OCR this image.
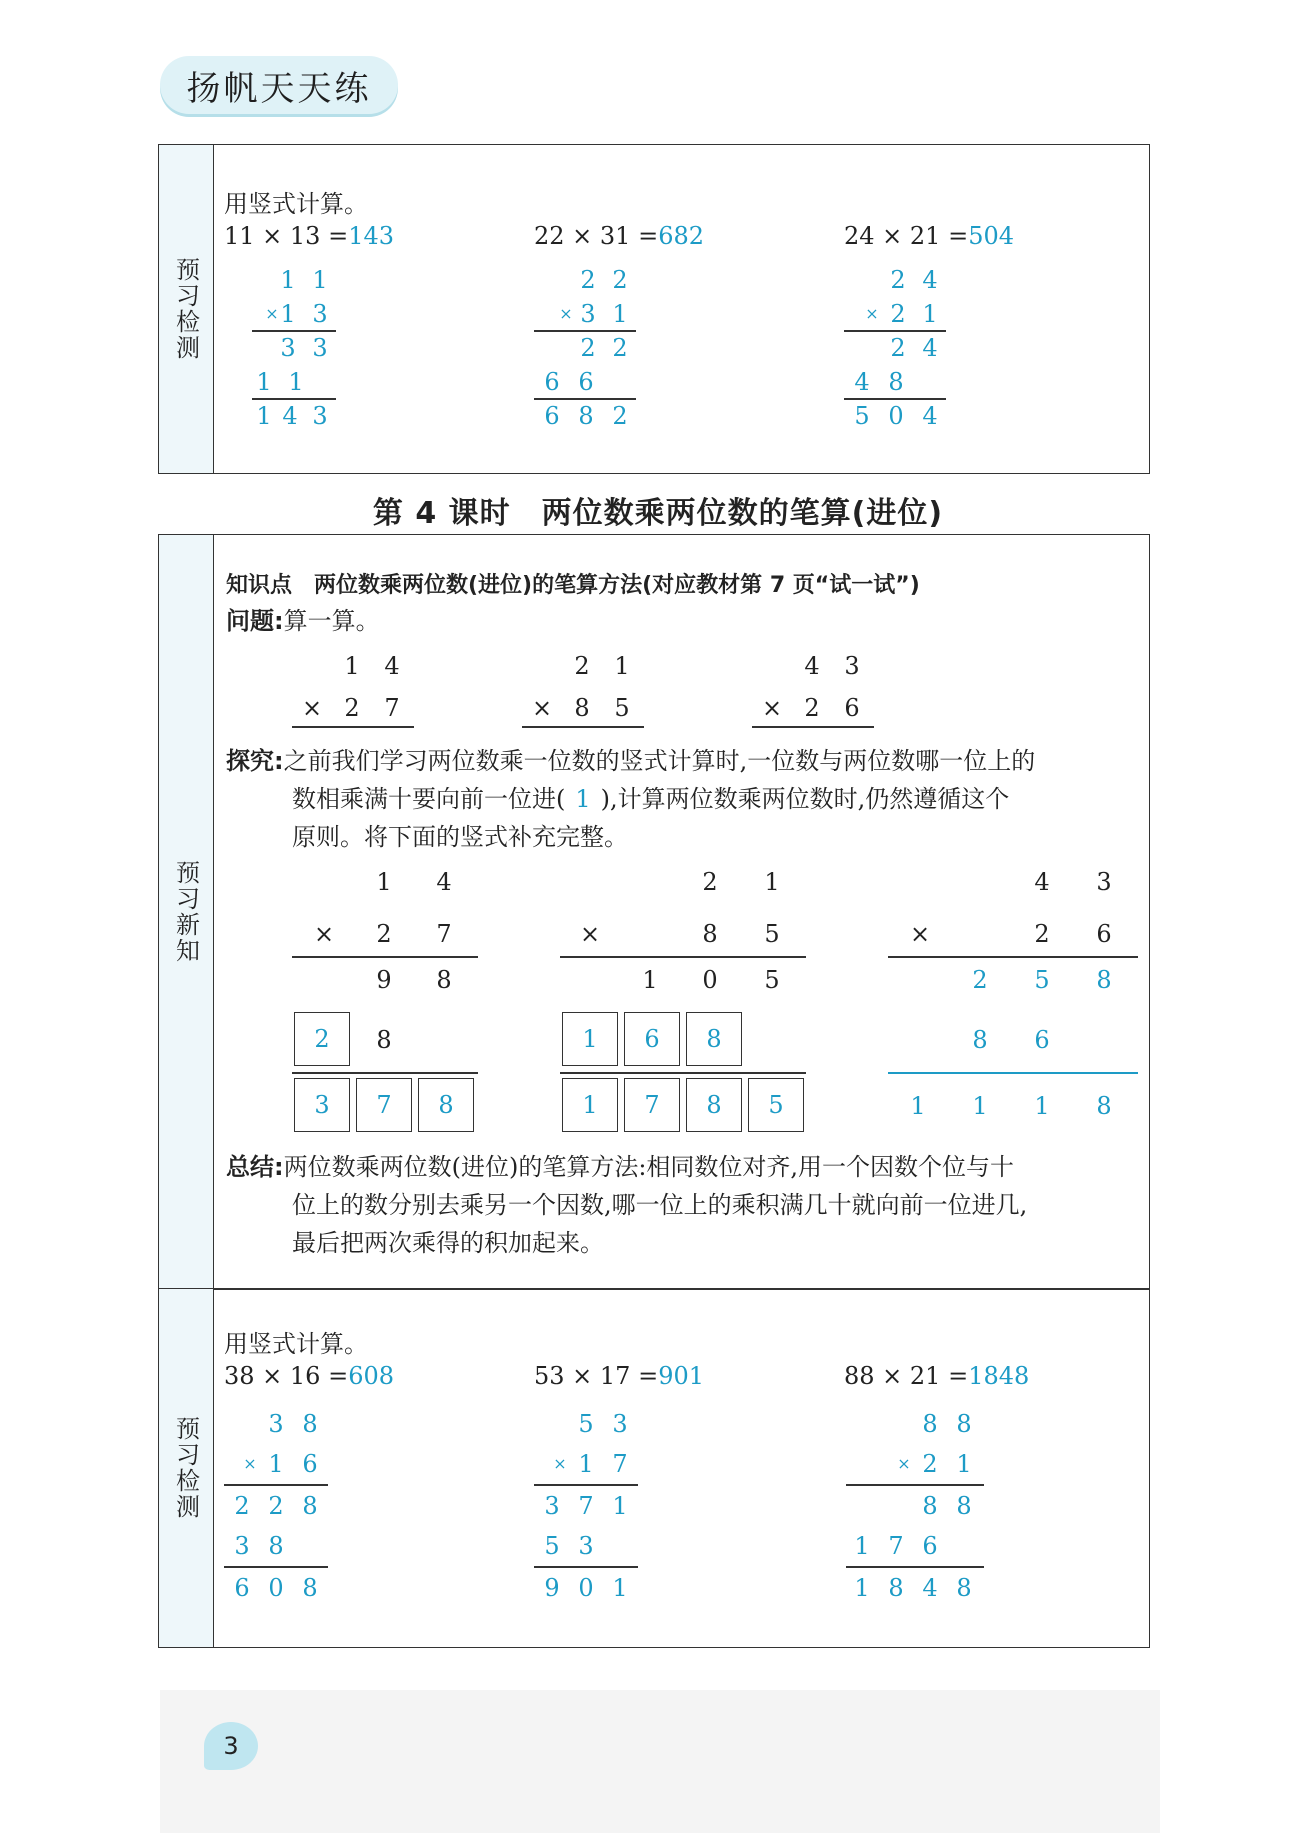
扬帆天天练
预习检测
用竖式计算。
11 × 13 =143	22 × 31 =682	24 × 21 =504
1 1
× 1 3
3 3
1 1
1 4 3
2 2
× 3 1
2 2
6 6
6 8 2
2 4
× 2 1
2 4
4 8
5 0 4
第 4 课时　两位数乘两位数的笔算(进位)
预习新知
知识点　两位数乘两位数(进位)的笔算方法(对应教材第 7 页“试一试”)
问题:算一算。
1 4
× 2 7
2 1
× 8 5
4 3
× 2 6
探究:之前我们学习两位数乘一位数的竖式计算时,一位数与两位数哪一位上的
数相乘满十要向前一位进( 1 ),计算两位数乘两位数时,仍然遵循这个
原则。将下面的竖式补充完整。
1 4
× 2 7
9 8
2	8
3	7	8
2 1
×	8 5
1 0 5
1	6	8
1	7	8	5
4 3
×	2 6
2 5 8
8 6
1 1 1 8
总结:两位数乘两位数(进位)的笔算方法:相同数位对齐,用一个因数个位与十
位上的数分别去乘另一个因数,哪一位上的乘积满几十就向前一位进几,
最后把两次乘得的积加起来。
预习检测
用竖式计算。
38 × 16 =608	53 × 17 =901	88 × 21 =1848
3 8
× 1 6
2 2 8
3 8
6 0 8
5 3
× 1 7
3 7 1
5 3
9 0 1
8 8
× 2 1
8 8
1 7 6
1 8 4 8
3
